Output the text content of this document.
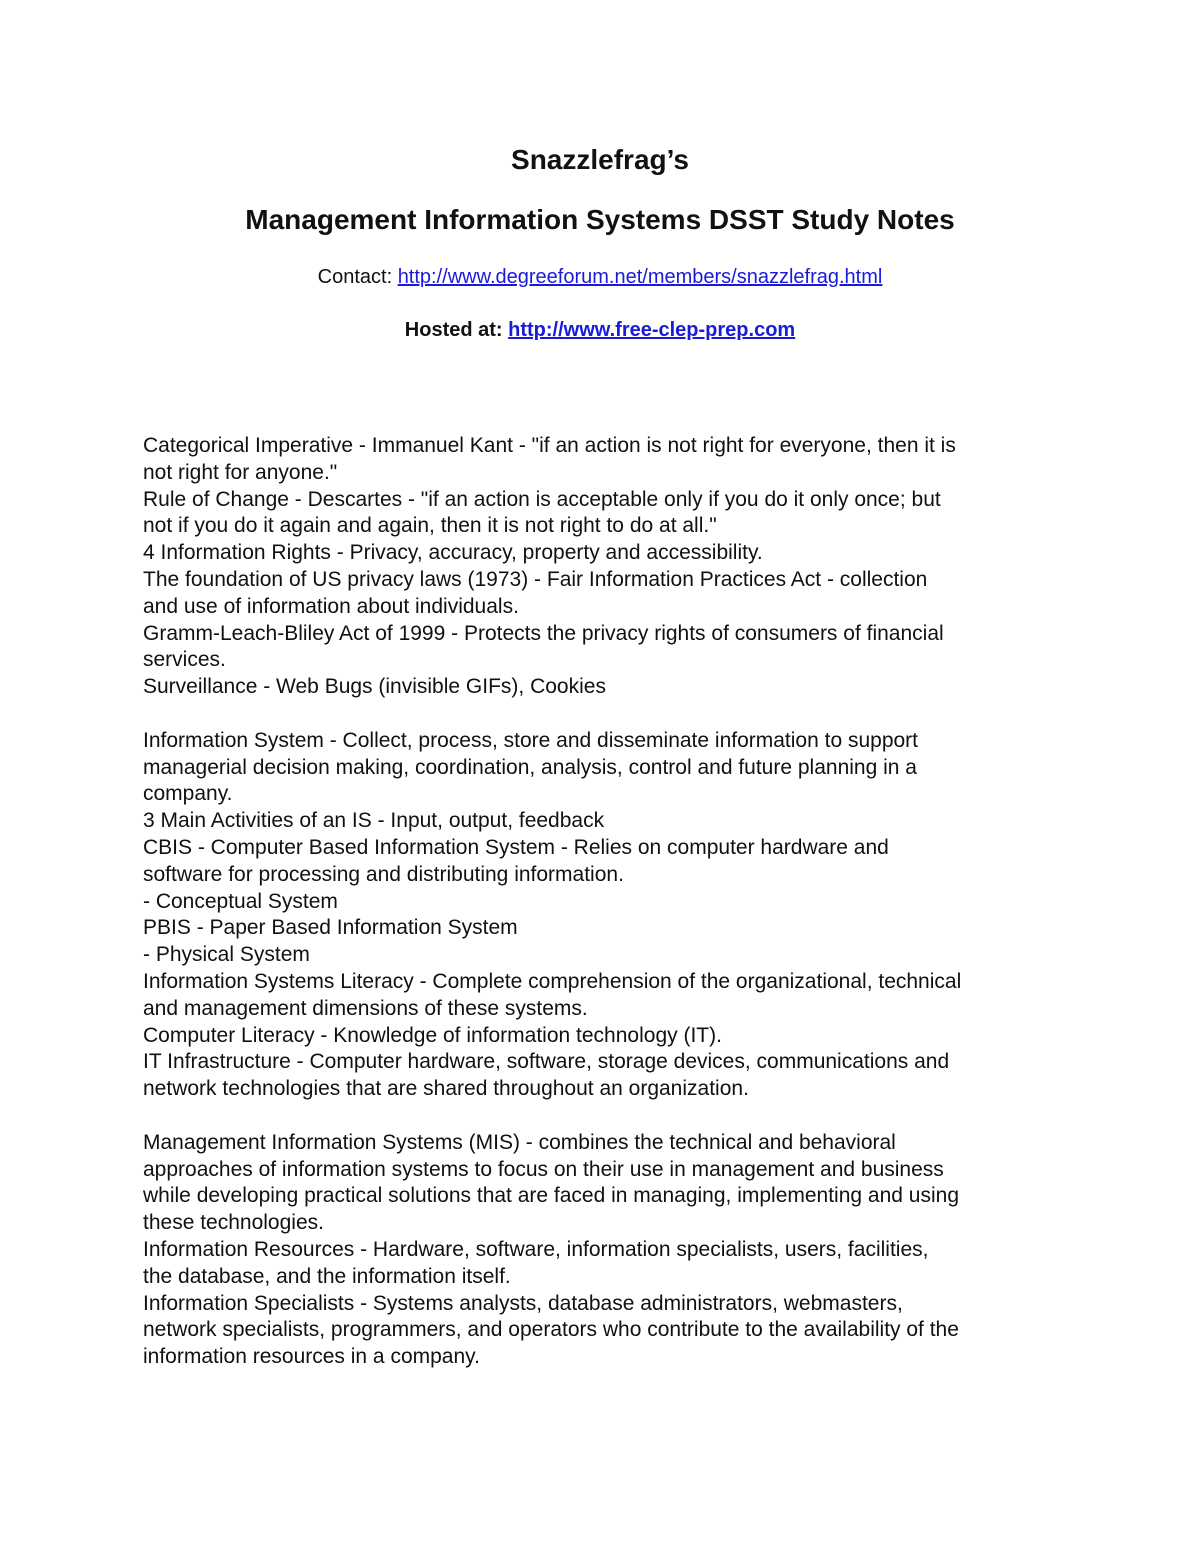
Snazzlefrag’s
Management Information Systems DSST Study Notes
Contact: http://www.degreeforum.net/members/snazzlefrag.html
Hosted at: http://www.free-clep-prep.com
Categorical Imperative - Immanuel Kant - "if an action is not right for everyone, then it is
not right for anyone."
Rule of Change - Descartes - "if an action is acceptable only if you do it only once; but
not if you do it again and again, then it is not right to do at all."
4 Information Rights - Privacy, accuracy, property and accessibility.
The foundation of US privacy laws (1973) - Fair Information Practices Act - collection
and use of information about individuals.
Gramm-Leach-Bliley Act of 1999 - Protects the privacy rights of consumers of financial
services.
Surveillance - Web Bugs (invisible GIFs), Cookies
Information System - Collect, process, store and disseminate information to support
managerial decision making, coordination, analysis, control and future planning in a
company.
3 Main Activities of an IS - Input, output, feedback
CBIS - Computer Based Information System - Relies on computer hardware and
software for processing and distributing information.
- Conceptual System
PBIS - Paper Based Information System
- Physical System
Information Systems Literacy - Complete comprehension of the organizational, technical
and management dimensions of these systems.
Computer Literacy - Knowledge of information technology (IT).
IT Infrastructure - Computer hardware, software, storage devices, communications and
network technologies that are shared throughout an organization.
Management Information Systems (MIS) - combines the technical and behavioral
approaches of information systems to focus on their use in management and business
while developing practical solutions that are faced in managing, implementing and using
these technologies.
Information Resources - Hardware, software, information specialists, users, facilities,
the database, and the information itself.
Information Specialists - Systems analysts, database administrators, webmasters,
network specialists, programmers, and operators who contribute to the availability of the
information resources in a company.
